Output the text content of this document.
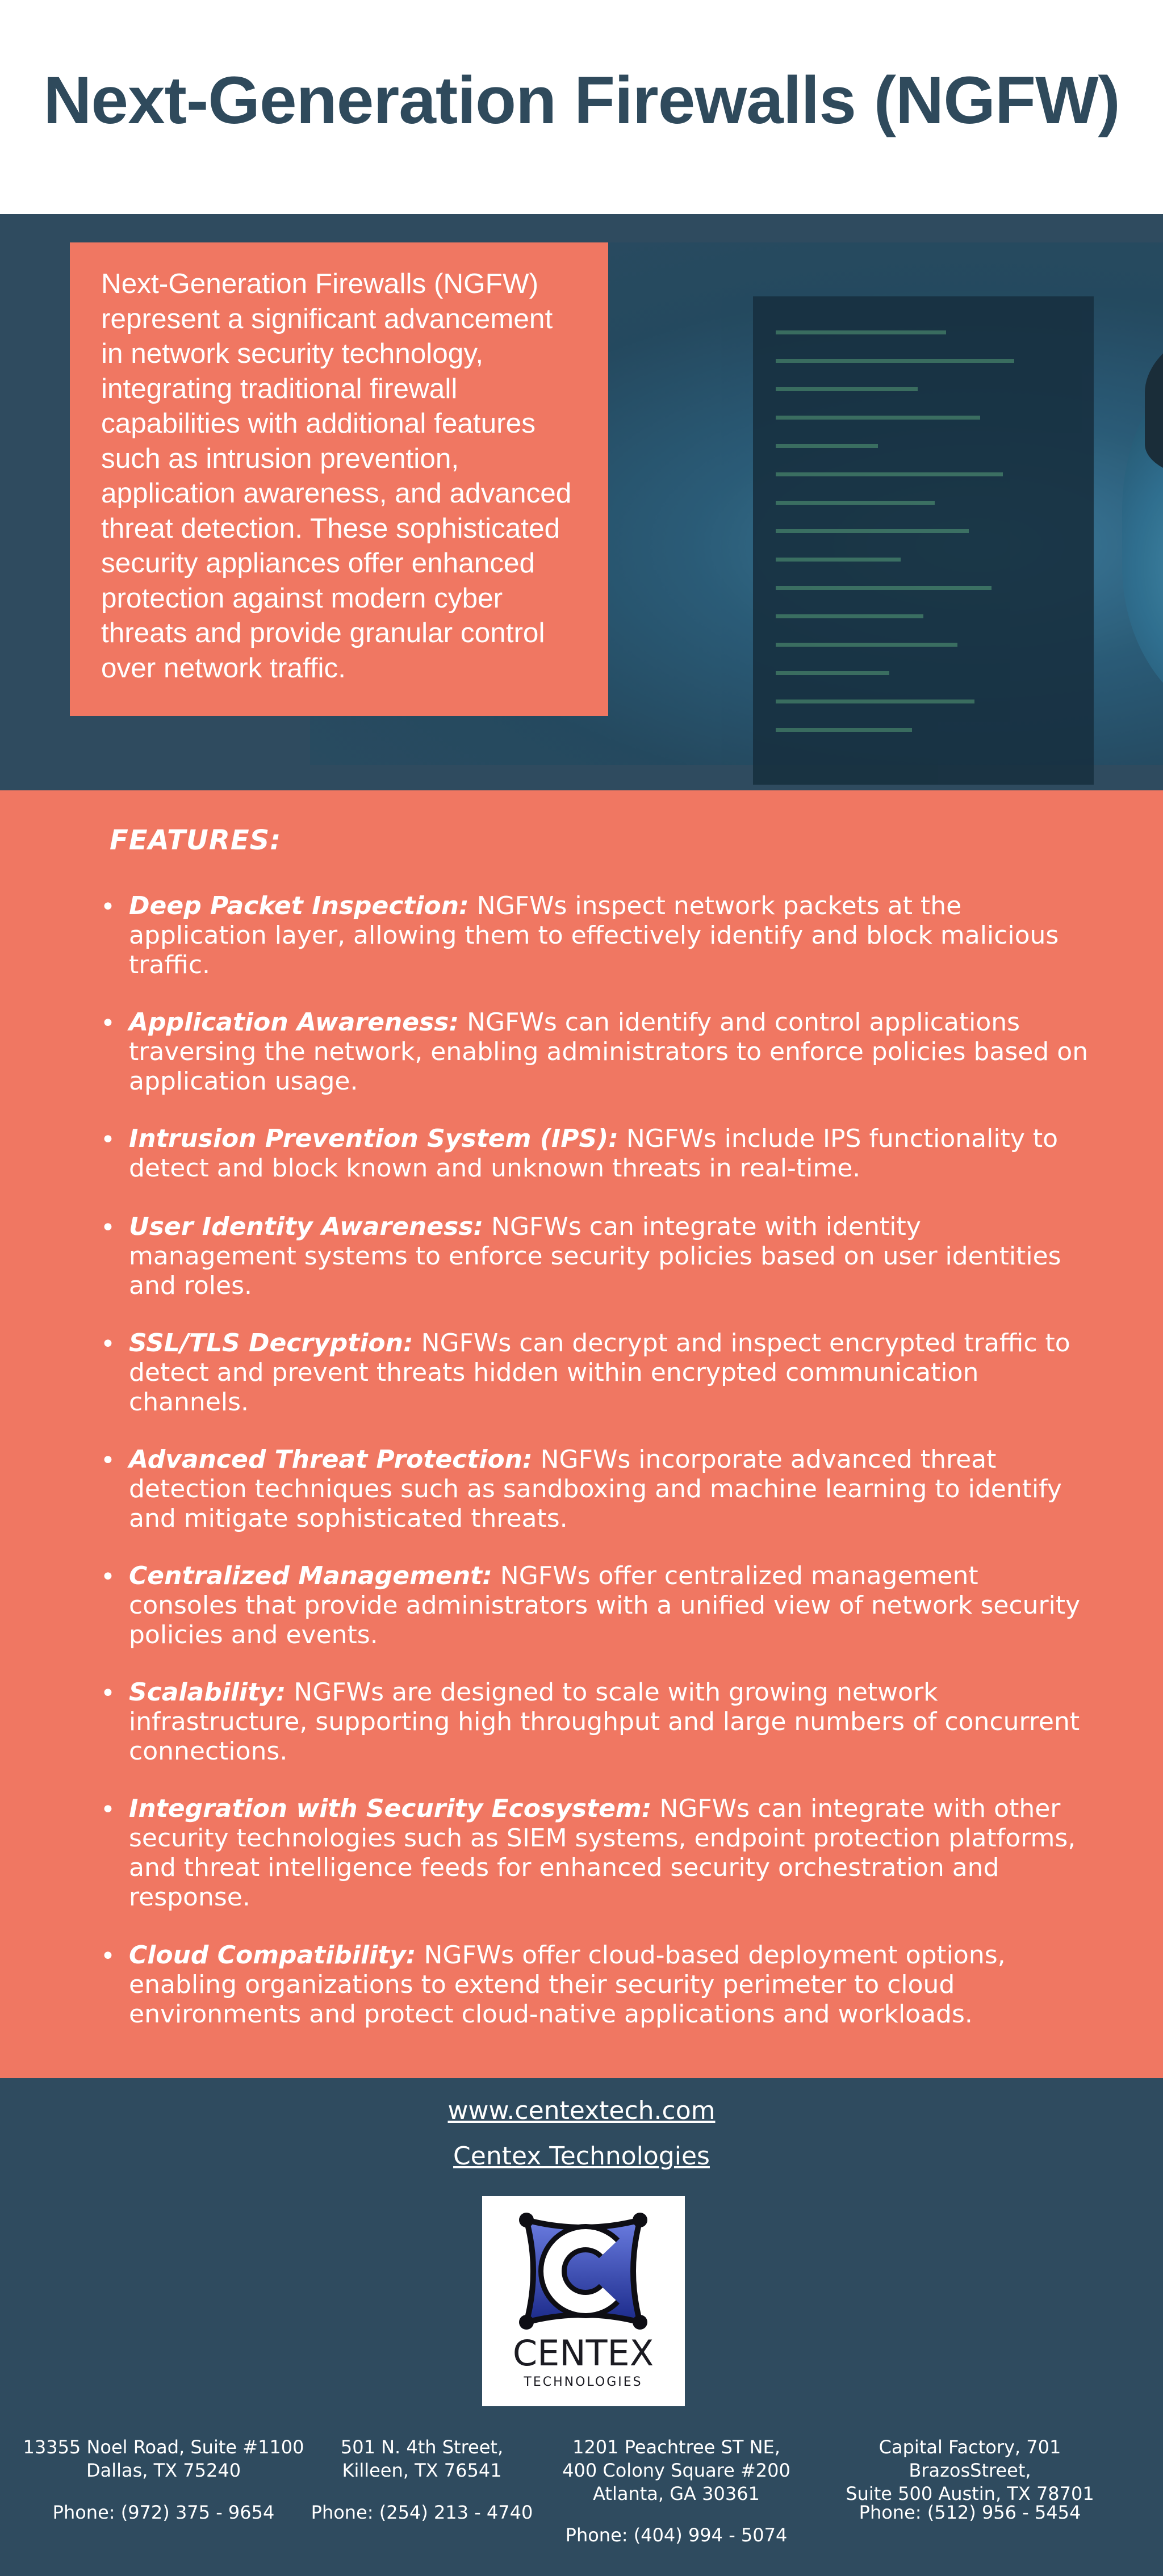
Next-Generation Firewalls (NGFW)

Next-Generation Firewalls (NGFW) represent a significant advancement in network security technology, integrating traditional firewall capabilities with additional features such as intrusion prevention, application awareness, and advanced threat detection. These sophisticated security appliances offer enhanced protection against modern cyber threats and provide granular control over network traffic.

FEATURES:
• Deep Packet Inspection: NGFWs inspect network packets at the application layer, allowing them to effectively identify and block malicious traffic.
• Application Awareness: NGFWs can identify and control applications traversing the network, enabling administrators to enforce policies based on application usage.
• Intrusion Prevention System (IPS): NGFWs include IPS functionality to detect and block known and unknown threats in real-time.
• User Identity Awareness: NGFWs can integrate with identity management systems to enforce security policies based on user identities and roles.
• SSL/TLS Decryption: NGFWs can decrypt and inspect encrypted traffic to detect and prevent threats hidden within encrypted communication channels.
• Advanced Threat Protection: NGFWs incorporate advanced threat detection techniques such as sandboxing and machine learning to identify and mitigate sophisticated threats.
• Centralized Management: NGFWs offer centralized management consoles that provide administrators with a unified view of network security policies and events.
• Scalability: NGFWs are designed to scale with growing network infrastructure, supporting high throughput and large numbers of concurrent connections.
• Integration with Security Ecosystem: NGFWs can integrate with other security technologies such as SIEM systems, endpoint protection platforms, and threat intelligence feeds for enhanced security orchestration and response.
• Cloud Compatibility: NGFWs offer cloud-based deployment options, enabling organizations to extend their security perimeter to cloud environments and protect cloud-native applications and workloads.
www.centextech.com
Centex Technologies
CENTEX
TECHNOLOGIES
13355 Noel Road, Suite #1100
Dallas, TX 75240
Phone: (972) 375 - 9654
501 N. 4th Street,
Killeen, TX 76541
Phone: (254) 213 - 4740
1201 Peachtree ST NE,
400 Colony Square #200
Atlanta, GA 30361
Phone: (404) 994 - 5074
Capital Factory, 701 BrazosStreet,
Suite 500 Austin, TX 78701
Phone: (512) 956 - 5454
